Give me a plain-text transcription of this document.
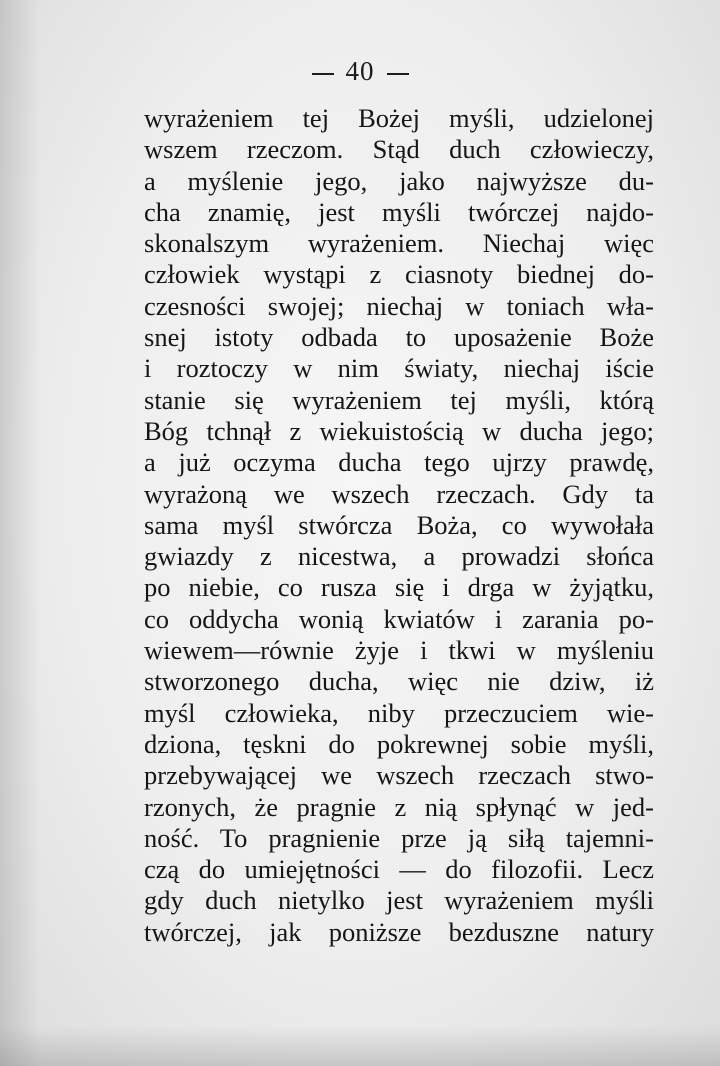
40
wyrażeniem tej Bożej myśli, udzielonej
wszem rzeczom. Stąd duch człowieczy,
a myślenie jego, jako najwyższe du-
cha znamię, jest myśli twórczej najdo-
skonalszym wyrażeniem. Niechaj więc
człowiek wystąpi z ciasnoty biednej do-
czesności swojej; niechaj w toniach wła-
snej istoty odbada to uposażenie Boże
i roztoczy w nim światy, niechaj iście
stanie się wyrażeniem tej myśli, którą
Bóg tchnął z wiekuistością w ducha jego;
a już oczyma ducha tego ujrzy prawdę,
wyrażoną we wszech rzeczach. Gdy ta
sama myśl stwórcza Boża, co wywołała
gwiazdy z nicestwa, a prowadzi słońca
po niebie, co rusza się i drga w żyjątku,
co oddycha wonią kwiatów i zarania po-
wiewem—równie żyje i tkwi w myśleniu
stworzonego ducha, więc nie dziw, iż
myśl człowieka, niby przeczuciem wie-
dziona, tęskni do pokrewnej sobie myśli,
przebywającej we wszech rzeczach stwo-
rzonych, że pragnie z nią spłynąć w jed-
ność. To pragnienie prze ją siłą tajemni-
czą do umiejętności — do filozofii. Lecz
gdy duch nietylko jest wyrażeniem myśli
twórczej, jak poniższe bezduszne natury
